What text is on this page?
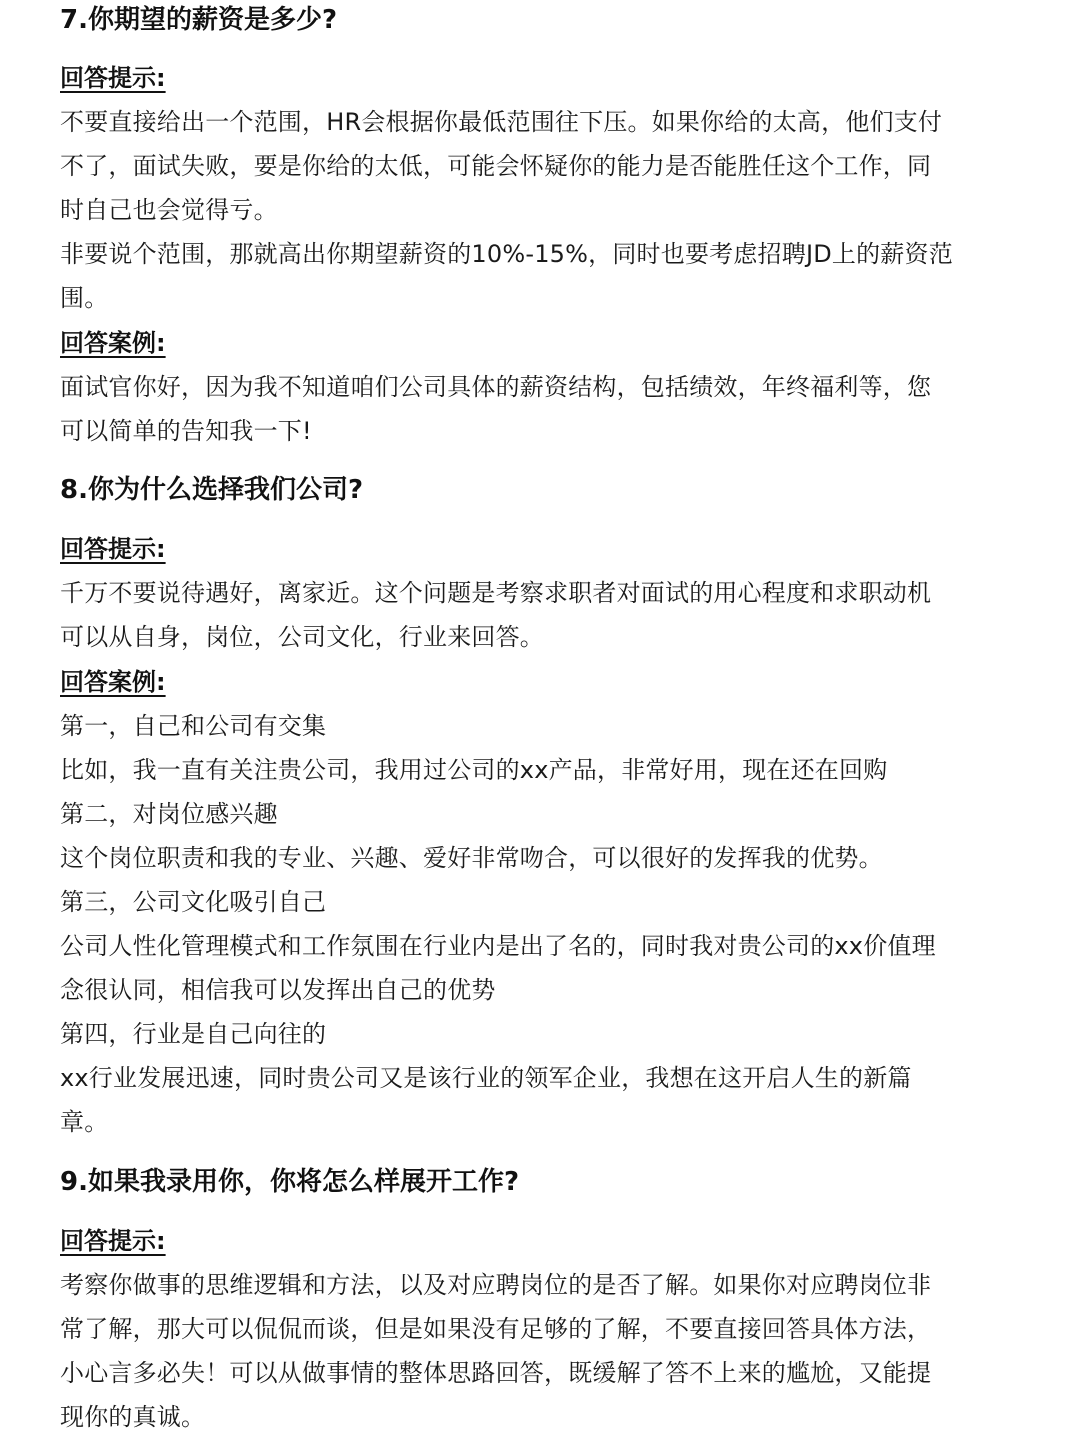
7.你期望的薪资是多少?
回答提示:

不要直接给出一个范围，HR会根据你最低范围往下压。如果你给的太高，他们支付

不了，面试失败，要是你给的太低，可能会怀疑你的能力是否能胜任这个工作，同

时自己也会觉得亏。

非要说个范围，那就高出你期望薪资的10%-15%，同时也要考虑招聘JD上的薪资范

围。

回答案例:

面试官你好，因为我不知道咱们公司具体的薪资结构，包括绩效，年终福利等，您

可以简单的告知我一下!

8.你为什么选择我们公司?
回答提示:

千万不要说待遇好，离家近。这个问题是考察求职者对面试的用心程度和求职动机

可以从自身，岗位，公司文化，行业来回答。

回答案例:

第一，自己和公司有交集

比如，我一直有关注贵公司，我用过公司的xx产品，非常好用，现在还在回购

第二，对岗位感兴趣

这个岗位职责和我的专业、兴趣、爱好非常吻合，可以很好的发挥我的优势。

第三，公司文化吸引自己

公司人性化管理模式和工作氛围在行业内是出了名的，同时我对贵公司的xx价值理

念很认同，相信我可以发挥出自己的优势

第四，行业是自己向往的

xx行业发展迅速，同时贵公司又是该行业的领军企业，我想在这开启人生的新篇

章。

9.如果我录用你，你将怎么样展开工作?
回答提示:

考察你做事的思维逻辑和方法，以及对应聘岗位的是否了解。如果你对应聘岗位非

常了解，那大可以侃侃而谈，但是如果没有足够的了解，不要直接回答具体方法，

小心言多必失！可以从做事情的整体思路回答，既缓解了答不上来的尴尬，又能提

现你的真诚。
